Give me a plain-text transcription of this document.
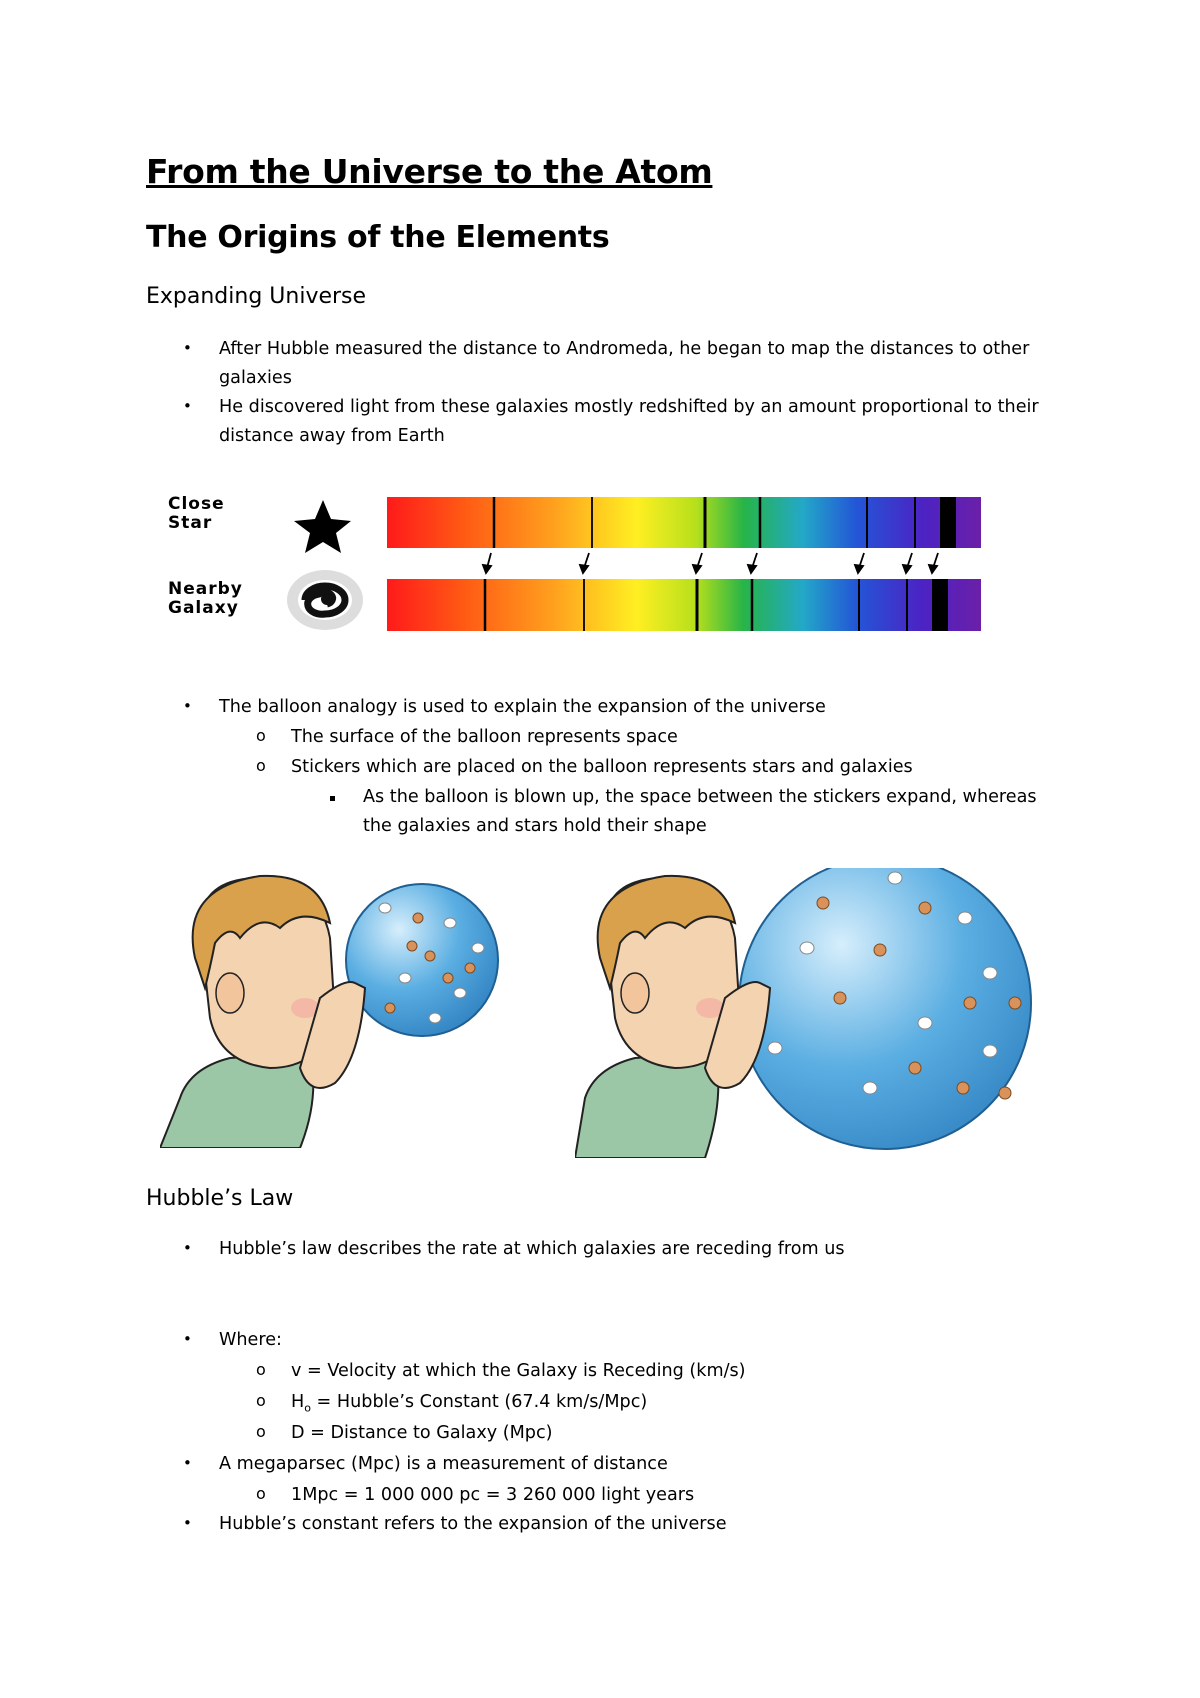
From the Universe to the Atom
The Origins of the Elements
Expanding Universe
• After Hubble measured the distance to Andromeda, he began to map the distances to other
galaxies
• He discovered light from these galaxies mostly redshifted by an amount proportional to their
distance away from Earth
Close
Star
Nearby
Galaxy
• The balloon analogy is used to explain the expansion of the universe
o The surface of the balloon represents space
o Stickers which are placed on the balloon represents stars and galaxies
As the balloon is blown up, the space between the stickers expand, whereas
the galaxies and stars hold their shape
Hubble’s Law
• Hubble’s law describes the rate at which galaxies are receding from us
• Where:
o v = Velocity at which the Galaxy is Receding (km/s)
o $H_o$ = Hubble’s Constant (67.4 km/s/Mpc)
o D = Distance to Galaxy (Mpc)
• A megaparsec (Mpc) is a measurement of distance
o 1Mpc = 1 000 000 pc = 3 260 000 light years
• Hubble’s constant refers to the expansion of the universe
